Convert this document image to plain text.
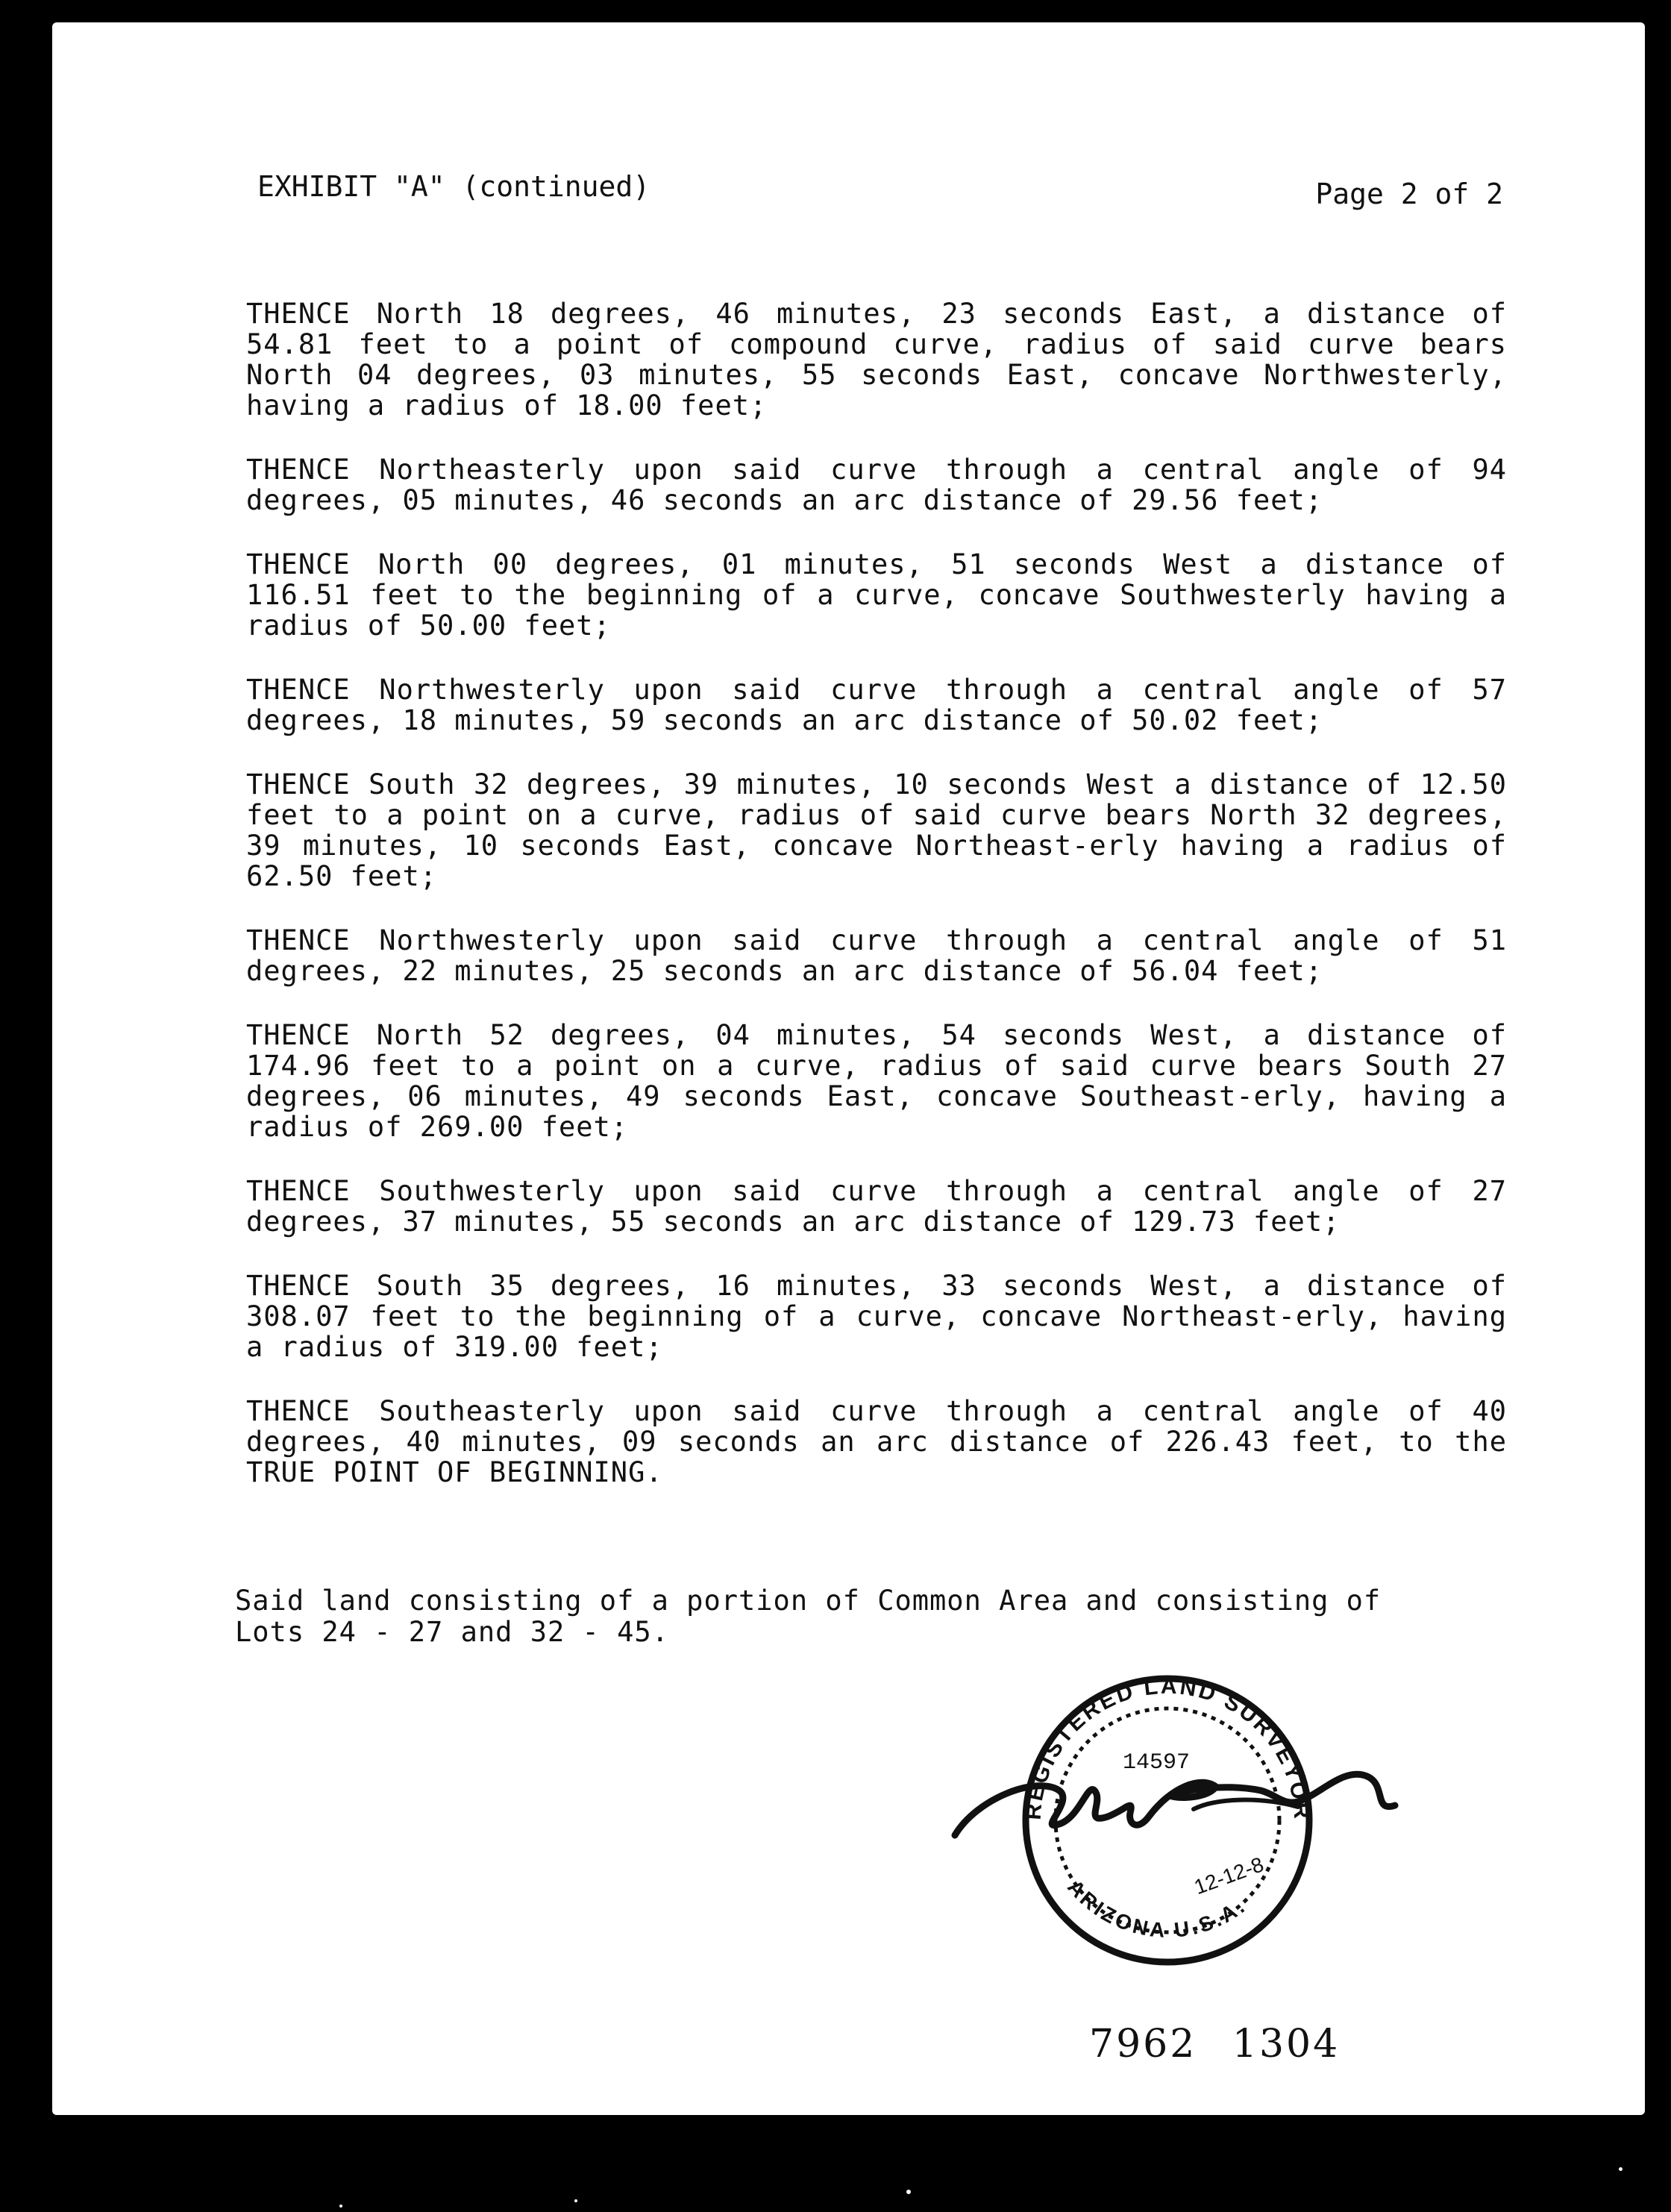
EXHIBIT "A" (continued)	Page 2 of 2

THENCE North 18 degrees, 46 minutes, 23 seconds East, a distance of 54.81 feet to a point of compound curve, radius of said curve bears North 04 degrees, 03 minutes, 55 seconds East, concave Northwesterly, having a radius of 18.00 feet;

THENCE Northeasterly upon said curve through a central angle of 94 degrees, 05 minutes, 46 seconds an arc distance of 29.56 feet;

THENCE North 00 degrees, 01 minutes, 51 seconds West a distance of 116.51 feet to the beginning of a curve, concave Southwesterly having a radius of 50.00 feet;

THENCE Northwesterly upon said curve through a central angle of 57 degrees, 18 minutes, 59 seconds an arc distance of 50.02 feet;

THENCE South 32 degrees, 39 minutes, 10 seconds West a distance of 12.50 feet to a point on a curve, radius of said curve bears North 32 degrees, 39 minutes, 10 seconds East, concave Northeast-erly having a radius of 62.50 feet;

THENCE Northwesterly upon said curve through a central angle of 51 degrees, 22 minutes, 25 seconds an arc distance of 56.04 feet;

THENCE North 52 degrees, 04 minutes, 54 seconds West, a distance of 174.96 feet to a point on a curve, radius of said curve bears South 27 degrees, 06 minutes, 49 seconds East, concave Southeast-erly, having a radius of 269.00 feet;

THENCE Southwesterly upon said curve through a central angle of 27 degrees, 37 minutes, 55 seconds an arc distance of 129.73 feet;

THENCE South 35 degrees, 16 minutes, 33 seconds West, a distance of 308.07 feet to the beginning of a curve, concave Northeast-erly, having a radius of 319.00 feet;

THENCE Southeasterly upon said curve through a central angle of 40 degrees, 40 minutes, 09 seconds an arc distance of 226.43 feet, to the TRUE POINT OF BEGINNING.

Said land consisting of a portion of Common Area and consisting of Lots 24 - 27 and 32 - 45.
REGISTERED LAND SURVEYOR
ARIZONA U.S.A.
14597
12-12-8
7962 1304
